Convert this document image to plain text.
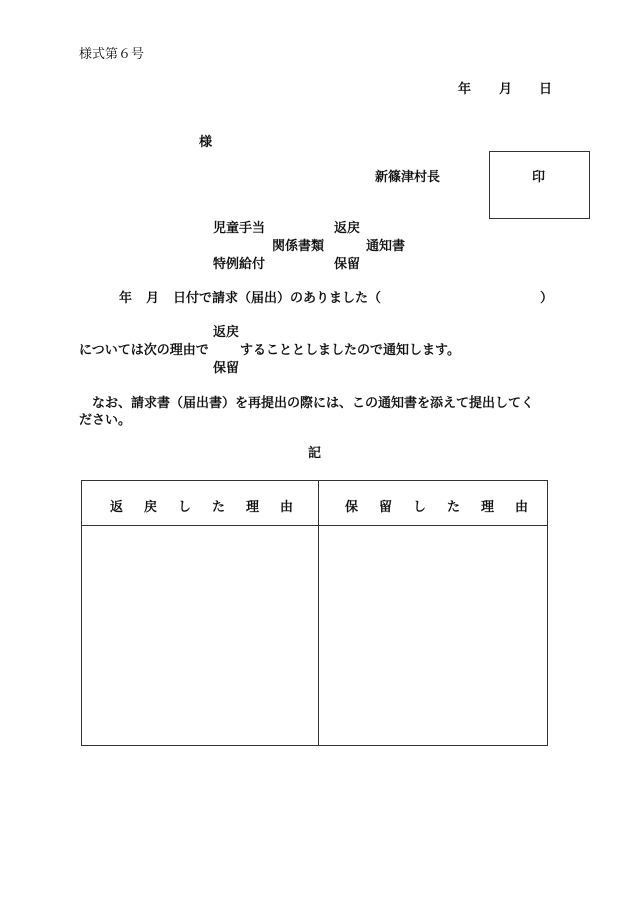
様式第６号
年 月 日
様
新篠津村長	印
児童手当	返戻
関係書類	通知書
特例給付	保留
年 月 日付で請求（届出）のありました（	）
返戻
については次の理由で することとしましたので通知します。
保留
なお、請求書（届出書）を再提出の際には、この通知書を添えて提出してく
ださい。
記
返 戻 し た 理 由	保 留 し た 理 由
